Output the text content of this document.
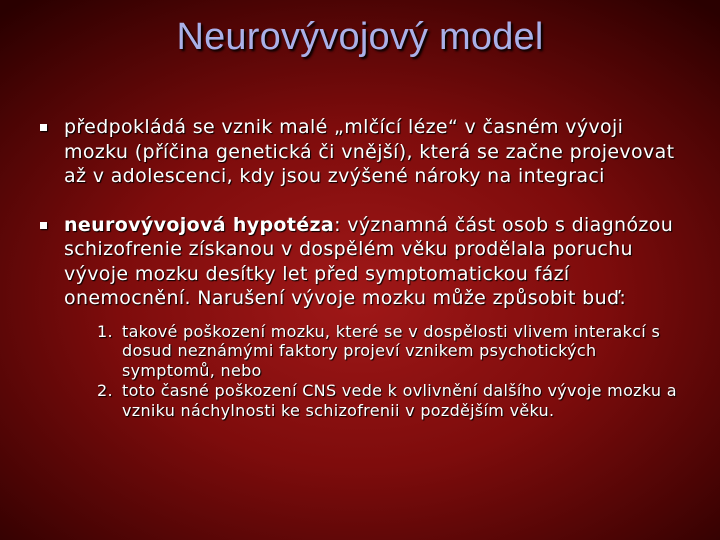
Neurovývojový model
předpokládá se vznik malé „mlčící léze“ v časném vývoji mozku (příčina genetická či vnější), která se začne projevovat až v adolescenci, kdy jsou zvýšené nároky na integraci
neurovývojová hypotéza: významná část osob s diagnózou schizofrenie získanou v dospělém věku prodělala poruchu vývoje mozku desítky let před symptomatickou fází onemocnění. Narušení vývoje mozku může způsobit buď:
1. takové poškození mozku, které se v dospělosti vlivem interakcí s dosud neznámými faktory projeví vznikem psychotických symptomů, nebo
2. toto časné poškození CNS vede k ovlivnění dalšího vývoje mozku a vzniku náchylnosti ke schizofrenii v pozdějším věku.
